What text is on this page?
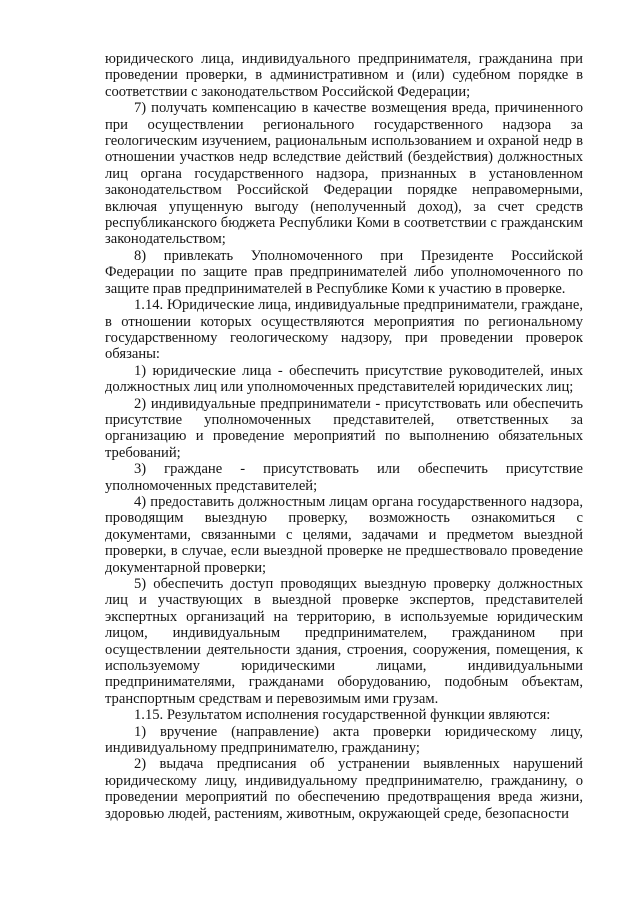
юридического лица, индивидуального предпринимателя, гражданина при проведении проверки, в административном и (или) судебном порядке в соответствии с законодательством Российской Федерации;

7) получать компенсацию в качестве возмещения вреда, причиненного при осуществлении регионального государственного надзора за геологическим изучением, рациональным использованием и охраной недр в отношении участков недр вследствие действий (бездействия) должностных лиц органа государственного надзора, признанных в установленном законодательством Российской Федерации порядке неправомерными, включая упущенную выгоду (неполученный доход), за счет средств республиканского бюджета Республики Коми в соответствии с гражданским законодательством;

8) привлекать Уполномоченного при Президенте Российской Федерации по защите прав предпринимателей либо уполномоченного по защите прав предпринимателей в Республике Коми к участию в проверке.

1.14. Юридические лица, индивидуальные предприниматели, граждане, в отношении которых осуществляются мероприятия по региональному государственному геологическому надзору, при проведении проверок обязаны:

1) юридические лица - обеспечить присутствие руководителей, иных должностных лиц или уполномоченных представителей юридических лиц;

2) индивидуальные предприниматели - присутствовать или обеспечить присутствие уполномоченных представителей, ответственных за организацию и проведение мероприятий по выполнению обязательных требований;

3) граждане - присутствовать или обеспечить присутствие уполномоченных представителей;

4) предоставить должностным лицам органа государственного надзора, проводящим выездную проверку, возможность ознакомиться с документами, связанными с целями, задачами и предметом выездной проверки, в случае, если выездной проверке не предшествовало проведение документарной проверки;

5) обеспечить доступ проводящих выездную проверку должностных лиц и участвующих в выездной проверке экспертов, представителей экспертных организаций на территорию, в используемые юридическим лицом, индивидуальным предпринимателем, гражданином при осуществлении деятельности здания, строения, сооружения, помещения, к используемому юридическими лицами, индивидуальными предпринимателями, гражданами оборудованию, подобным объектам, транспортным средствам и перевозимым ими грузам.

1.15. Результатом исполнения государственной функции являются:

1) вручение (направление) акта проверки юридическому лицу, индивидуальному предпринимателю, гражданину;

2) выдача предписания об устранении выявленных нарушений юридическому лицу, индивидуальному предпринимателю, гражданину, о проведении мероприятий по обеспечению предотвращения вреда жизни, здоровью людей, растениям, животным, окружающей среде, безопасности
